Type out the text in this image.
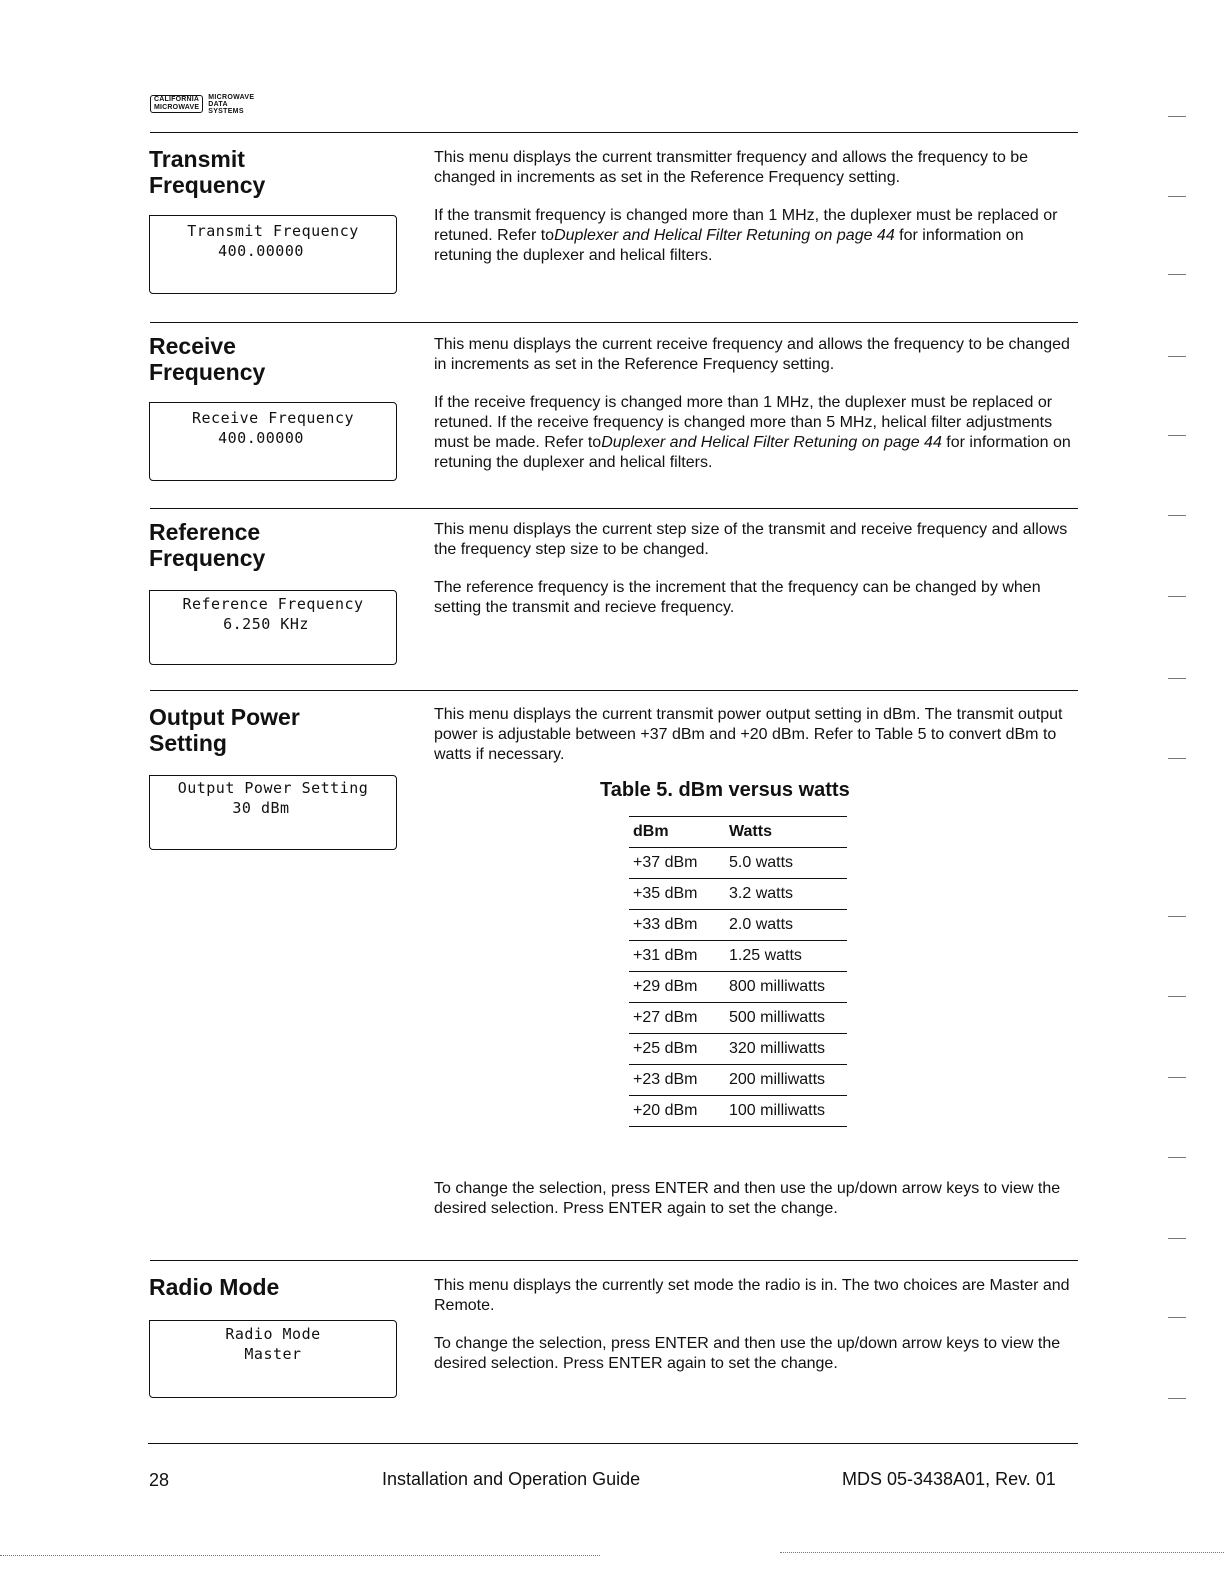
CALIFORNIA
MICROWAVE
MICROWAVE
DATA
SYSTEMS
Transmit
Frequency
Transmit Frequency
400.00000

This menu displays the current transmitter frequency and allows the frequency to be changed in increments as set in the Reference Frequency setting.

If the transmit frequency is changed more than 1 MHz, the duplexer must be replaced or retuned. Refer toDuplexer and Helical Filter Retuning on page 44 for information on retuning the duplexer and helical filters.

Receive
Frequency
Receive Frequency
400.00000

This menu displays the current receive frequency and allows the frequency to be changed in increments as set in the Reference Frequency setting.

If the receive frequency is changed more than 1 MHz, the duplexer must be replaced or retuned. If the receive frequency is changed more than 5 MHz, helical filter adjustments must be made. Refer toDuplexer and Helical Filter Retuning on page 44 for information on retuning the duplexer and helical filters.

Reference
Frequency
Reference Frequency
6.250 KHz

This menu displays the current step size of the transmit and receive frequency and allows the frequency step size to be changed.

The reference frequency is the increment that the frequency can be changed by when setting the transmit and recieve frequency.

Output Power
Setting
Output Power Setting
30 dBm

This menu displays the current transmit power output setting in dBm. The transmit output power is adjustable between +37 dBm and +20 dBm. Refer to Table 5 to convert dBm to watts if necessary.

Table 5. dBm versus watts
dBm	Watts
+37 dBm	5.0 watts
+35 dBm	3.2 watts
+33 dBm	2.0 watts
+31 dBm	1.25 watts
+29 dBm	800 milliwatts
+27 dBm	500 milliwatts
+25 dBm	320 milliwatts
+23 dBm	200 milliwatts
+20 dBm	100 milliwatts

To change the selection, press ENTER and then use the up/down arrow keys to view the desired selection. Press ENTER again to set the change.

Radio Mode
Radio Mode
Master

This menu displays the currently set mode the radio is in. The two choices are Master and Remote.

To change the selection, press ENTER and then use the up/down arrow keys to view the desired selection. Press ENTER again to set the change.

28	Installation and Operation Guide	MDS 05-3438A01, Rev. 01
